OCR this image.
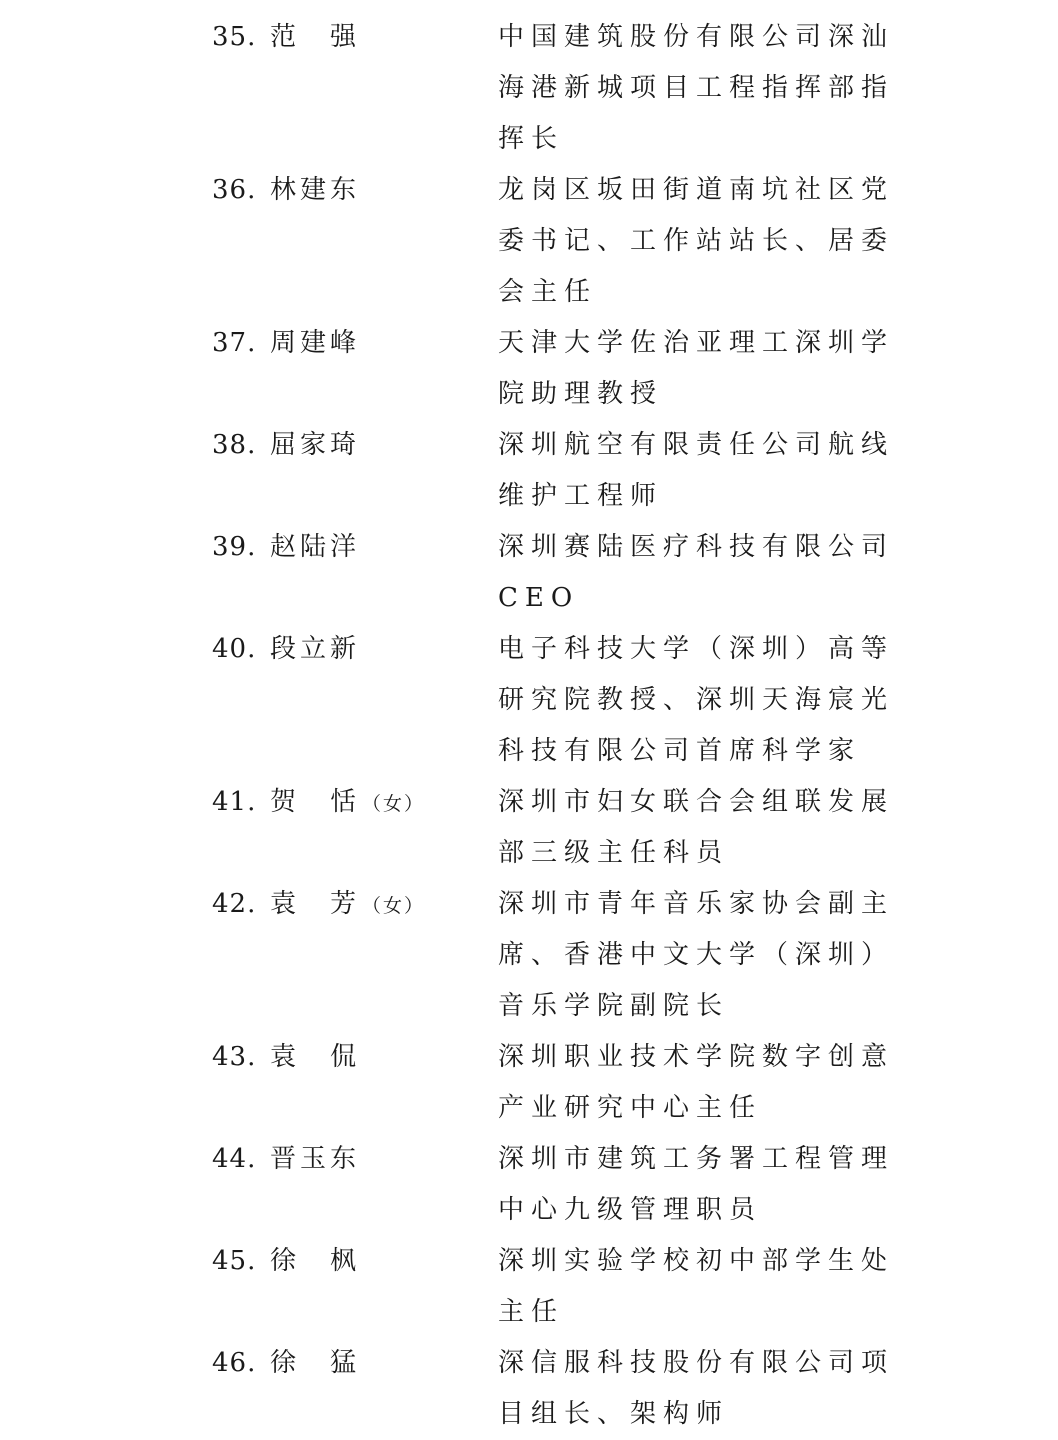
35. 范　强	中国建筑股份有限公司深汕海港新城项目工程指挥部指挥长

36. 林建东	龙岗区坂田街道南坑社区党委书记、工作站站长、居委会主任

37. 周建峰	天津大学佐治亚理工深圳学院助理教授

38. 屈家琦	深圳航空有限责任公司航线维护工程师

39. 赵陆洋	深圳赛陆医疗科技有限公司 CEO

40. 段立新	电子科技大学（深圳）高等研究院教授、深圳天海宸光科技有限公司首席科学家

41. 贺　恬 （女）	深圳市妇女联合会组联发展部三级主任科员

42. 袁　芳 （女）	深圳市青年音乐家协会副主席、香港中文大学（深圳）音乐学院副院长

43. 袁　侃	深圳职业技术学院数字创意产业研究中心主任

44. 晋玉东	深圳市建筑工务署工程管理中心九级管理职员

45. 徐　枫	深圳实验学校初中部学生处主任

46. 徐　猛	深信服科技股份有限公司项目组长、架构师
